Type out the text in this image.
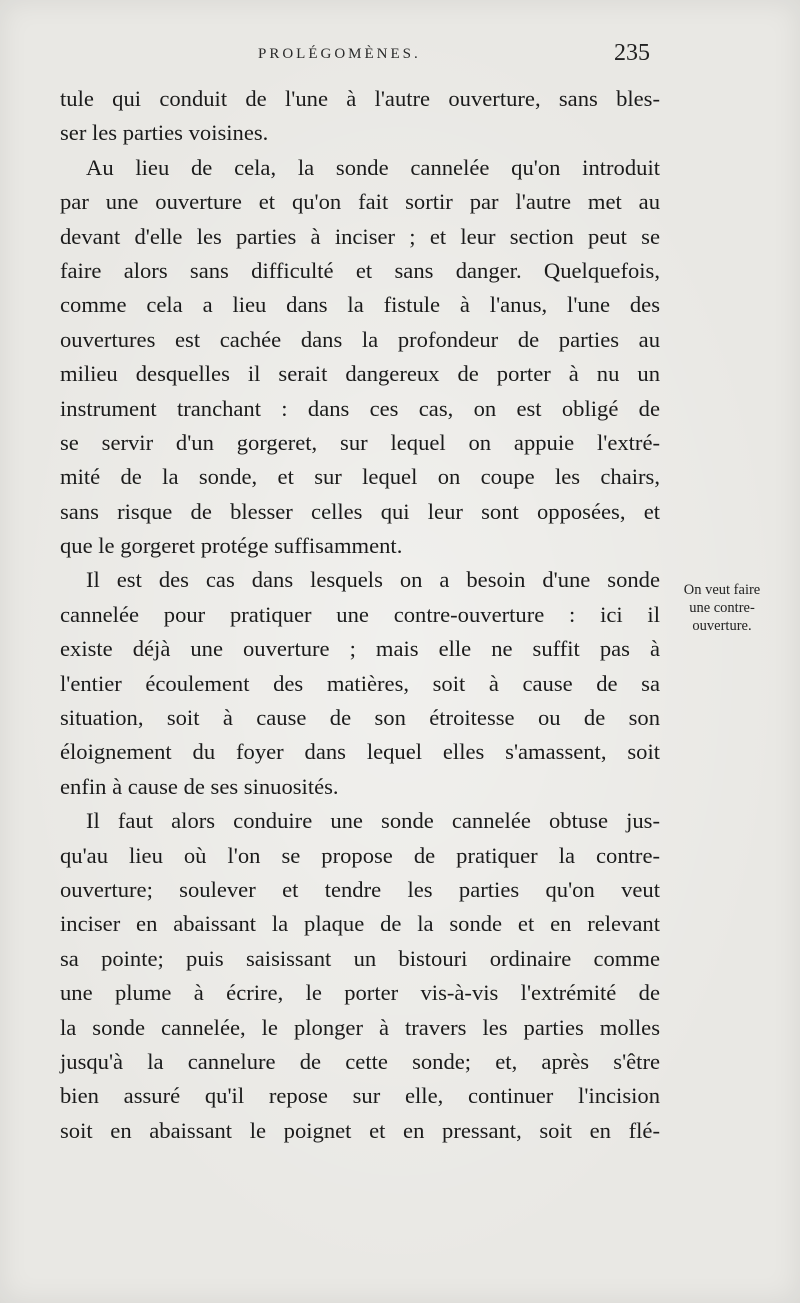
PROLÉGOMÈNES.	235
tule qui conduit de l'une à l'autre ouverture, sans bles-
ser les parties voisines.
Au lieu de cela, la sonde cannelée qu'on introduit
par une ouverture et qu'on fait sortir par l'autre met au
devant d'elle les parties à inciser ; et leur section peut se
faire alors sans difficulté et sans danger. Quelquefois,
comme cela a lieu dans la fistule à l'anus, l'une des
ouvertures est cachée dans la profondeur de parties au
milieu desquelles il serait dangereux de porter à nu un
instrument tranchant : dans ces cas, on est obligé de
se servir d'un gorgeret, sur lequel on appuie l'extré-
mité de la sonde, et sur lequel on coupe les chairs,
sans risque de blesser celles qui leur sont opposées, et
que le gorgeret protége suffisamment.
Il est des cas dans lesquels on a besoin d'une sonde
cannelée pour pratiquer une contre-ouverture : ici il
existe déjà une ouverture ; mais elle ne suffit pas à
l'entier écoulement des matières, soit à cause de sa
situation, soit à cause de son étroitesse ou de son
éloignement du foyer dans lequel elles s'amassent, soit
enfin à cause de ses sinuosités.
Il faut alors conduire une sonde cannelée obtuse jus-
qu'au lieu où l'on se propose de pratiquer la contre-
ouverture; soulever et tendre les parties qu'on veut
inciser en abaissant la plaque de la sonde et en relevant
sa pointe; puis saisissant un bistouri ordinaire comme
une plume à écrire, le porter vis-à-vis l'extrémité de
la sonde cannelée, le plonger à travers les parties molles
jusqu'à la cannelure de cette sonde; et, après s'être
bien assuré qu'il repose sur elle, continuer l'incision
soit en abaissant le poignet et en pressant, soit en flé-
On veut faire
une contre-
ouverture.
